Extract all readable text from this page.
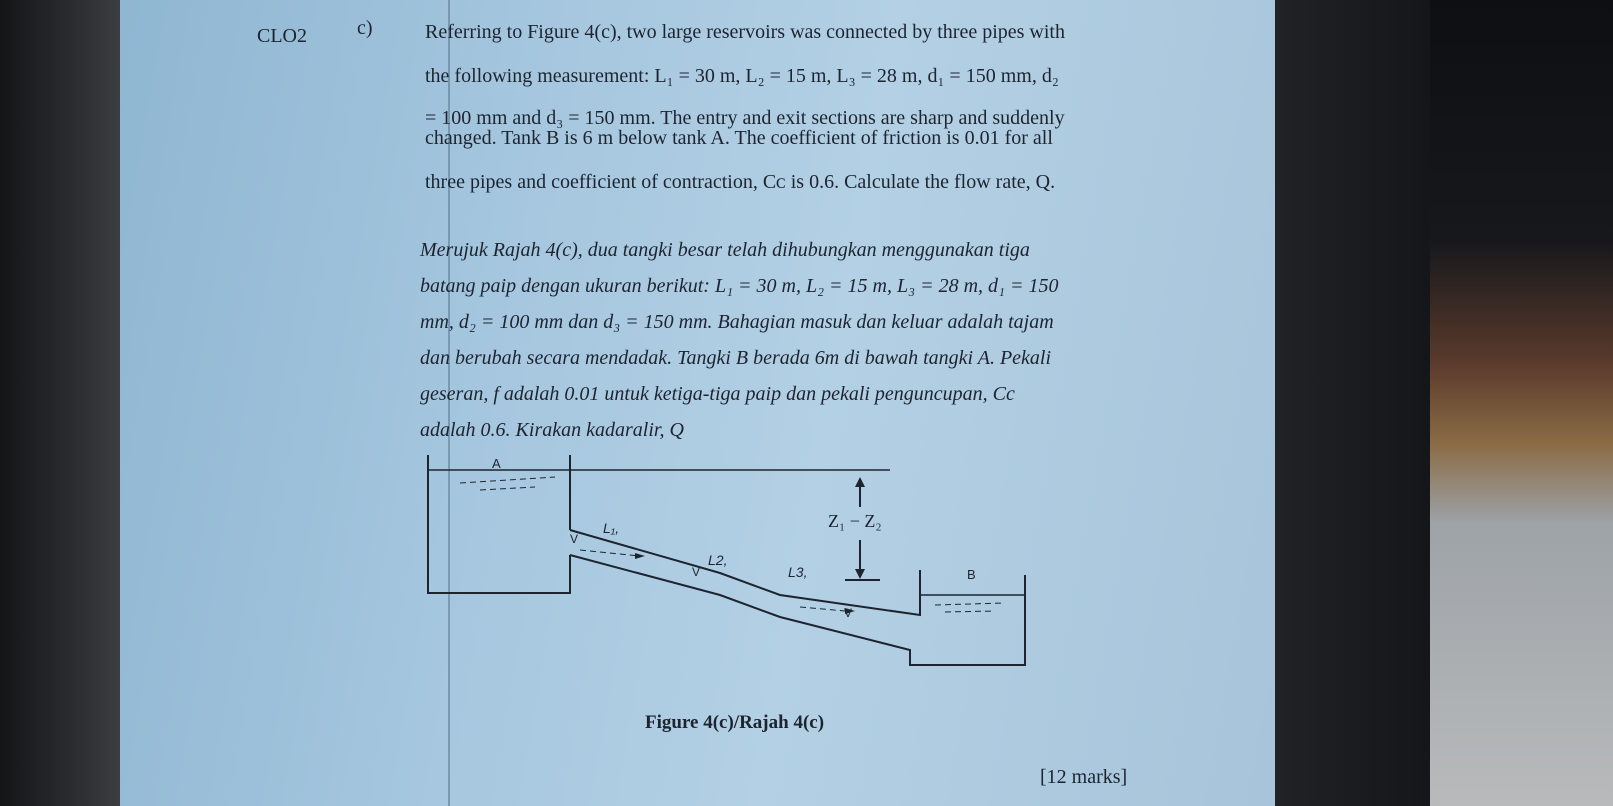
CLO2	c)	Referring to Figure 4(c), two large reservoirs was connected by three pipes with
the following measurement: L₁ = 30 m, L₂ = 15 m, L₃ = 28 m, d₁ = 150 mm, d₂
= 100 mm and d₃ = 150 mm. The entry and exit sections are sharp and suddenly
changed. Tank B is 6 m below tank A. The coefficient of friction is 0.01 for all
three pipes and coefficient of contraction, Cᴄ is 0.6. Calculate the flow rate, Q.
Merujuk Rajah 4(c), dua tangki besar telah dihubungkan menggunakan tiga
batang paip dengan ukuran berikut: L₁ = 30 m, L₂ = 15 m, L₃ = 28 m, d₁ = 150
mm, d₂ = 100 mm dan d₃ = 150 mm. Bahagian masuk dan keluar adalah tajam
dan berubah secara mendadak. Tangki B berada 6m di bawah tangki A. Pekali
geseran, f adalah 0.01 untuk ketiga-tiga paip dan pekali penguncupan, Cc
adalah 0.6. Kirakan kadaralir, Q
A
B
Z₁ − Z₂
L₁,
L2,
L3,
V
V
V
Figure 4(c)/Rajah 4(c)
[12 marks]
